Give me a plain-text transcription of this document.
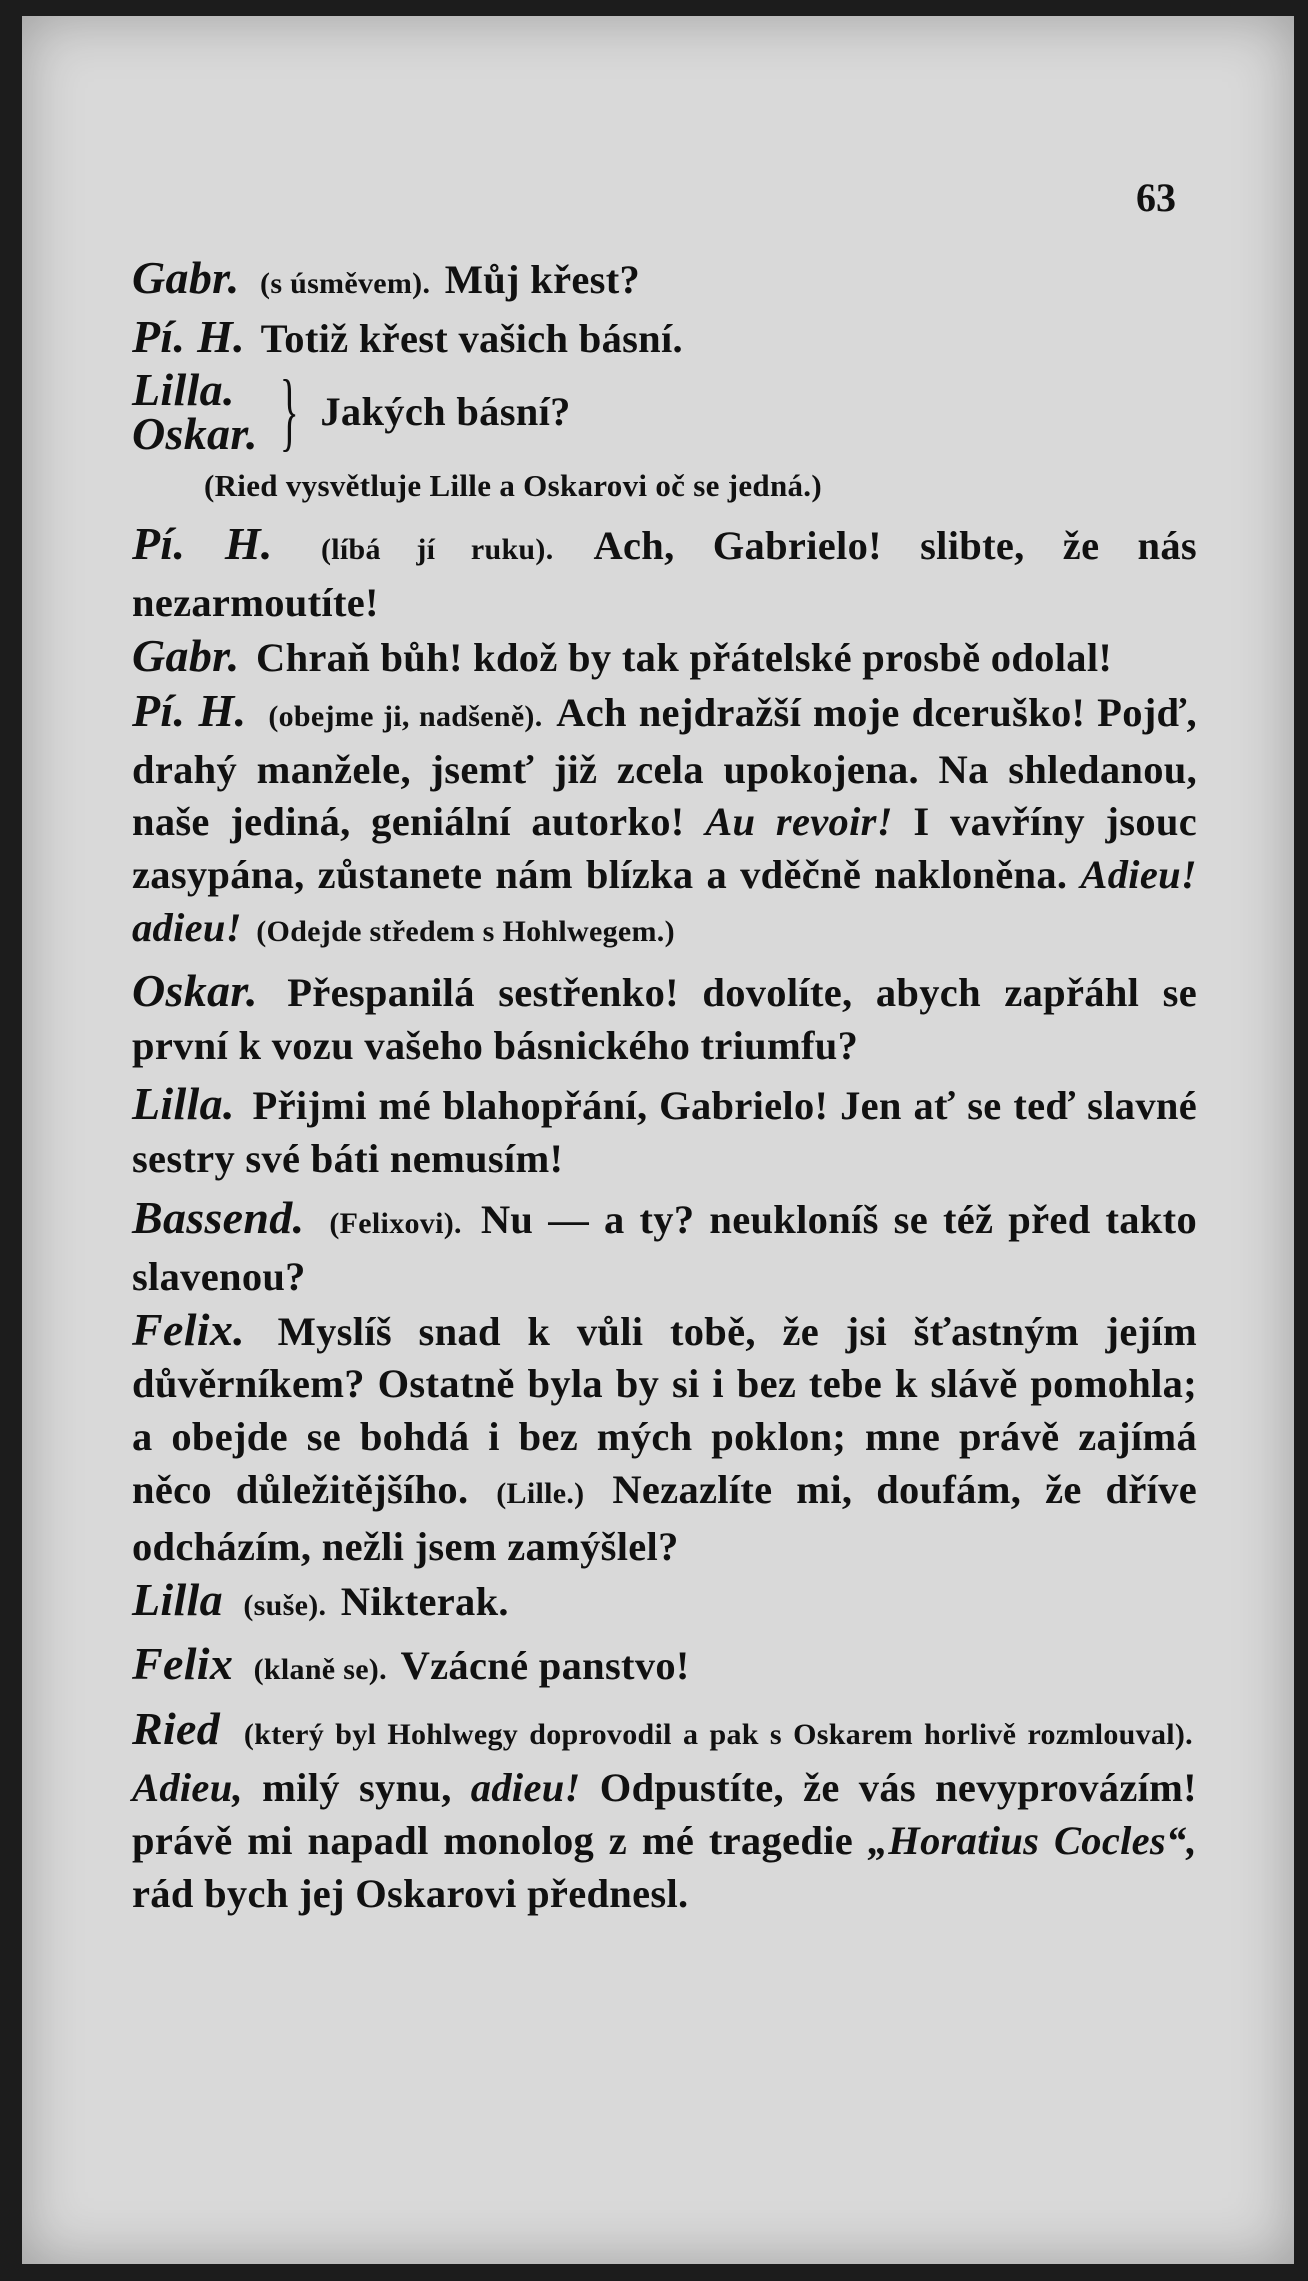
63

Gabr. (s úsměvem). Můj křest?

Pí. H. Totiž křest vašich básní.

Lilla.
Oskar. } Jakých básní?

(Ried vysvětluje Lille a Oskarovi oč se jedná.)

Pí. H. (líbá jí ruku). Ach, Gabrielo! slibte, že nás nezarmoutíte!

Gabr. Chraň bůh! kdož by tak přátelské prosbě odolal!

Pí. H. (obejme ji, nadšeně). Ach nejdražší moje dceruško! Pojď, drahý manžele, jsemť již zcela upokojena. Na shledanou, naše jediná, geniální autorko! Au revoir! I vavříny jsouc zasypána, zůstanete nám blízka a vděčně nakloněna. Adieu! adieu! (Odejde středem s Hohlwegem.)

Oskar. Přespanilá sestřenko! dovolíte, abych zapřáhl se první k vozu vašeho básnického triumfu?

Lilla. Přijmi mé blahopřání, Gabrielo! Jen ať se teď slavné sestry své báti nemusím!

Bassend. (Felixovi). Nu — a ty? neukloníš se též před takto slavenou?

Felix. Myslíš snad k vůli tobě, že jsi šťastným jejím důvěrníkem? Ostatně byla by si i bez tebe k slávě pomohla; a obejde se bohdá i bez mých poklon; mne právě zajímá něco důležitějšího. (Lille.) Nezazlíte mi, doufám, že dříve odcházím, nežli jsem zamýšlel?

Lilla (suše). Nikterak.

Felix (klaně se). Vzácné panstvo!

Ried (který byl Hohlwegy doprovodil a pak s Oskarem horlivě rozmlouval). Adieu, milý synu, adieu! Odpustíte, že vás nevyprovázím! právě mi napadl monolog z mé tragedie „Horatius Cocles“, rád bych jej Oskarovi přednesl.
